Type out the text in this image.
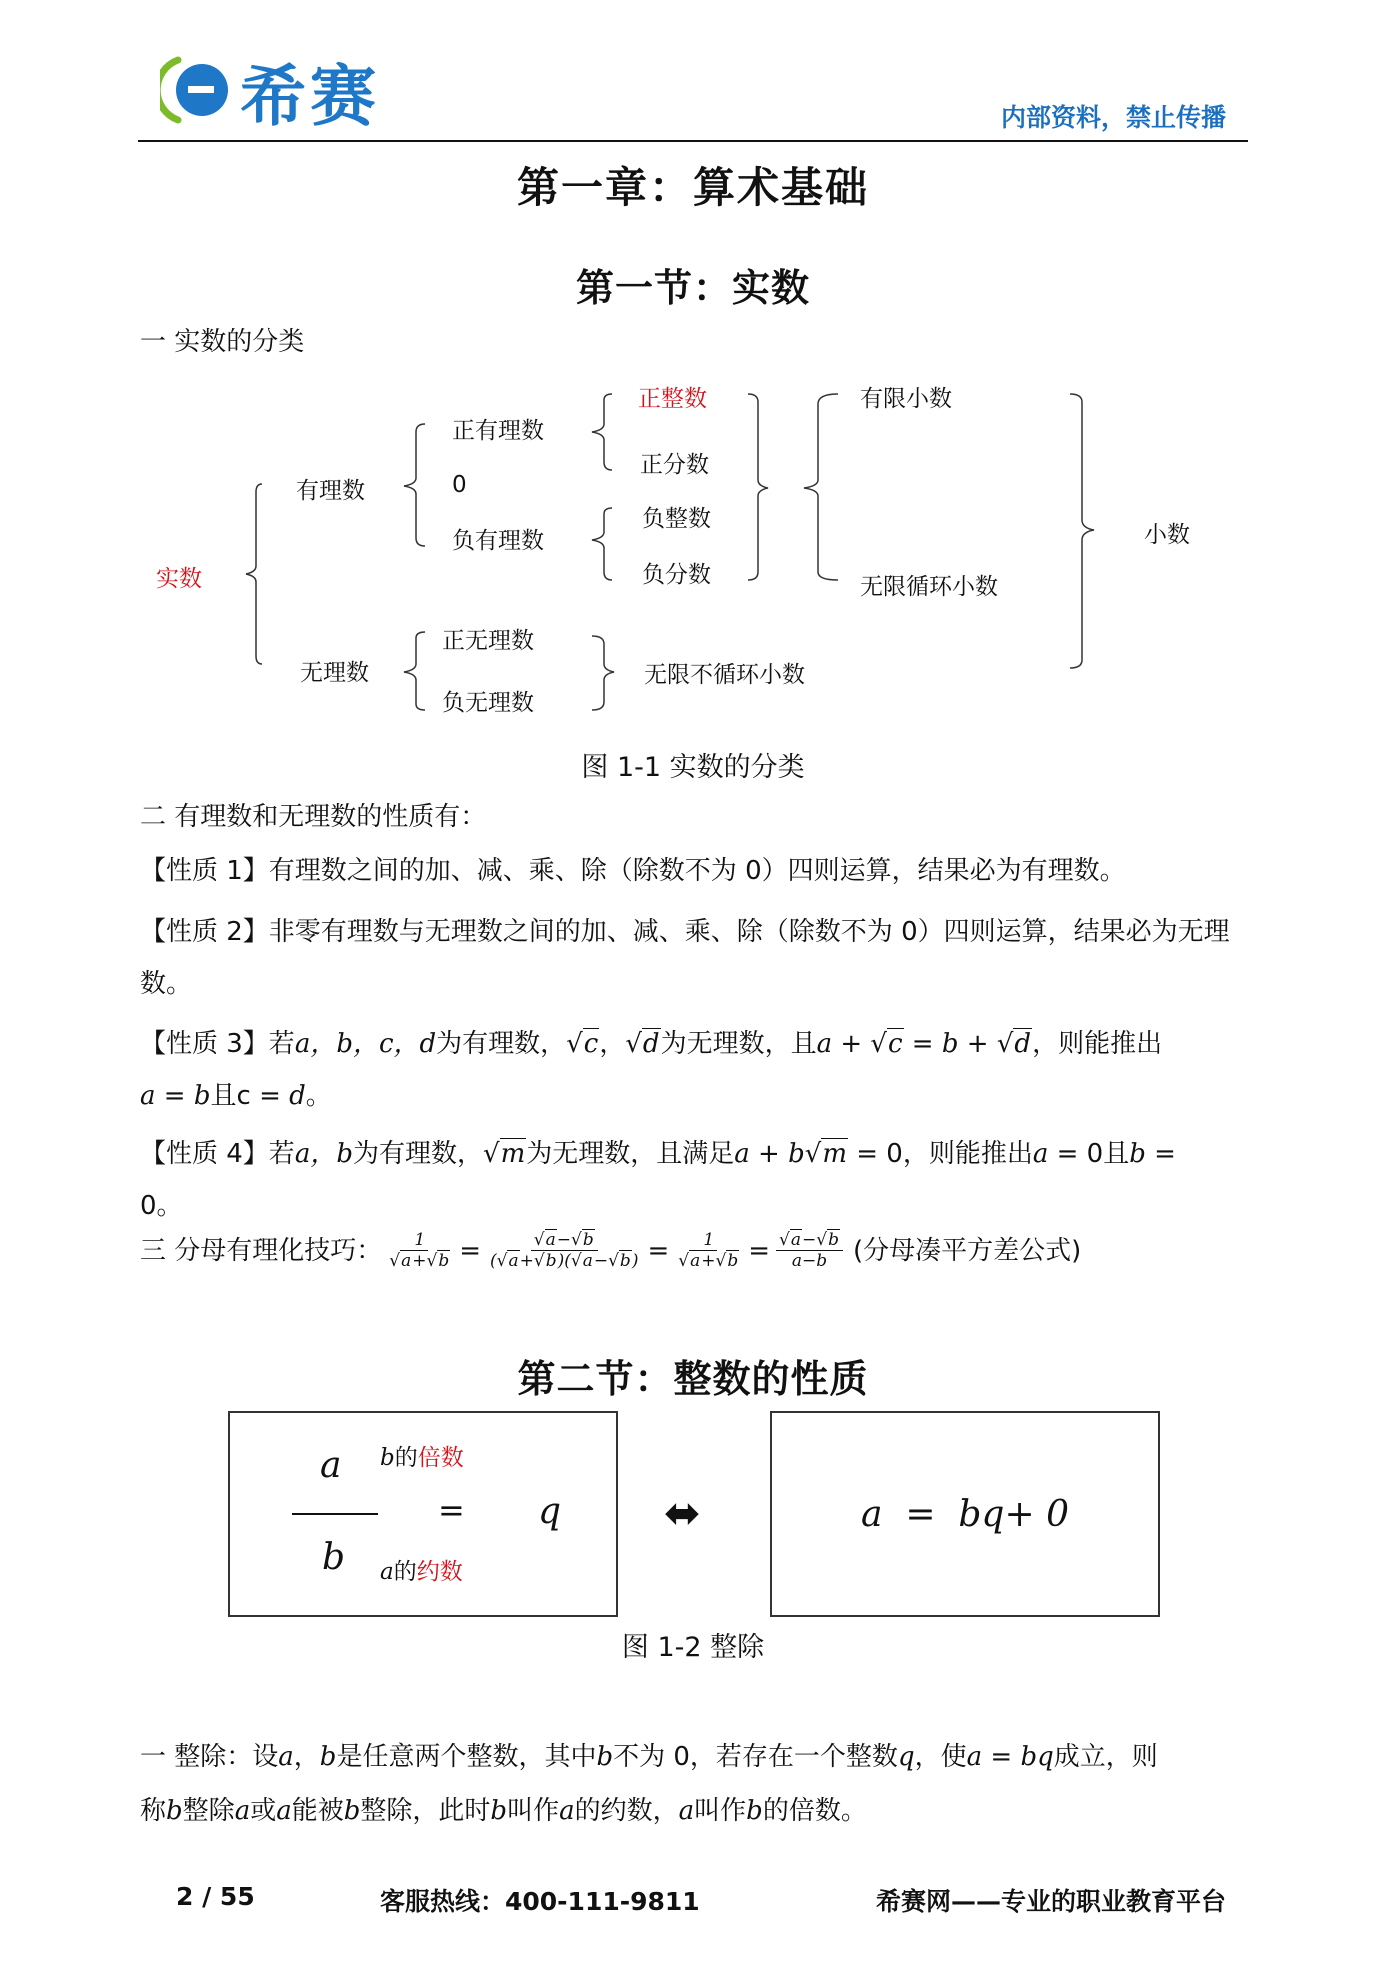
希赛	内部资料，禁止传播
第一章：算术基础
第一节：实数
一 实数的分类
实数
有理数
无理数
正有理数
0
负有理数
正整数
正分数
负整数
负分数
有限小数
无限循环小数
小数
正无理数
负无理数
无限不循环小数
图 1-1 实数的分类
二 有理数和无理数的性质有：
【性质 1】有理数之间的加、减、乘、除（除数不为 0）四则运算，结果必为有理数。
【性质 2】非零有理数与无理数之间的加、减、乘、除（除数不为 0）四则运算，结果必为无理数。
【性质 3】若a，b，c，d为有理数，√c，√d为无理数，且a + √c = b + √d，则能推出
a = b且c = d。
【性质 4】若a，b为有理数，√m为无理数，且满足a + b√m = 0，则能推出a = 0且b =
0。
三 分母有理化技巧： $\frac{1}{√a+√b} = \frac{√a-√b}{(√a+√b)(√a-√b)} = \frac{1}{√a+√b} = \frac{√a-√b}{a-b}$ (分母凑平方差公式)
第二节：整数的性质
a
b
= q
b的倍数
a的约数
⬌	a  =  bq+ 0
图 1-2 整除
一 整除：设a，b是任意两个整数，其中b不为 0，若存在一个整数q，使a = bq成立，则
称b整除a或a能被b整除，此时b叫作a的约数，a叫作b的倍数。
2 / 55	客服热线：400-111-9811	希赛网——专业的职业教育平台
